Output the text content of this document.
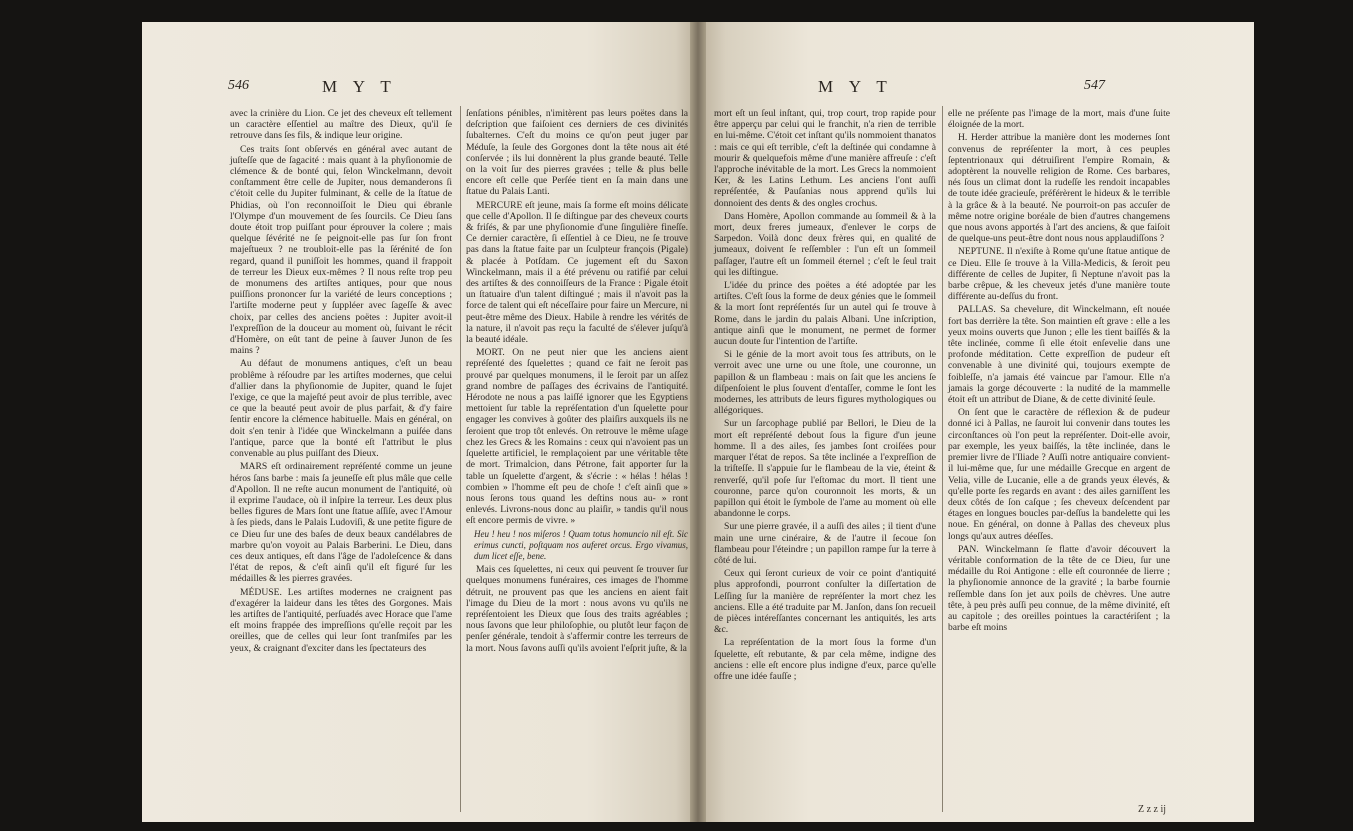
546	M Y T

avec la crinière du Lion. Ce jet des cheveux eſt tellement un caractère eſſentiel au maître des Dieux, qu'il ſe retrouve dans ſes fils, & indique leur origine.

Ces traits ſont obſervés en général avec autant de juſteſſe que de ſagacité : mais quant à la phyſionomie de clémence & de bonté qui, ſelon Winckelmann, devoit conſtamment être celle de Jupiter, nous demanderons ſi c'étoit celle du Jupiter fulminant, & celle de la ſtatue de Phidias, où l'on reconnoiſſoit le Dieu qui ébranle l'Olympe d'un mouvement de ſes ſourcils. Ce Dieu ſans doute étoit trop puiſſant pour éprouver la colere ; mais quelque ſévérité ne ſe peignoit-elle pas ſur ſon front majeſtueux ? ne troubloit-elle pas la ſérénité de ſon regard, quand il puniſſoit les hommes, quand il frappoit de terreur les Dieux eux-mêmes ? Il nous reſte trop peu de monumens des artiſtes antiques, pour que nous puiſſions prononcer ſur la variété de leurs conceptions ; l'artiſte moderne peut y ſuppléer avec ſageſſe & avec choix, par celles des anciens poëtes : Jupiter avoit-il l'expreſſion de la douceur au moment où, ſuivant le récit d'Homère, on eût tant de peine à ſauver Junon de ſes mains ?

Au défaut de monumens antiques, c'eſt un beau problême à réſoudre par les artiſtes modernes, que celui d'allier dans la phyſionomie de Jupiter, quand le ſujet l'exige, ce que la majeſté peut avoir de plus terrible, avec ce que la beauté peut avoir de plus parfait, & d'y faire ſentir encore la clémence habituelle. Mais en général, on doit s'en tenir à l'idée que Winckelmann a puiſée dans l'antique, parce que la bonté eſt l'attribut le plus convenable au plus puiſſant des Dieux.

MARS eſt ordinairement repréſenté comme un jeune héros ſans barbe : mais ſa jeuneſſe eſt plus mâle que celle d'Apollon. Il ne reſte aucun monument de l'antiquité, où il exprime l'audace, où il inſpire la terreur. Les deux plus belles figures de Mars ſont une ſtatue aſſiſe, avec l'Amour à ſes pieds, dans le Palais Ludoviſi, & une petite figure de ce Dieu ſur une des baſes de deux beaux candélabres de marbre qu'on voyoit au Palais Barberini. Le Dieu, dans ces deux antiques, eſt dans l'âge de l'adoleſcence & dans l'état de repos, & c'eſt ainſi qu'il eſt figuré ſur les médailles & les pierres gravées.

MÉDUSE. Les artiſtes modernes ne craignent pas d'exagérer la laideur dans les têtes des Gorgones. Mais les artiſtes de l'antiquité, perſuadés avec Horace que l'ame eſt moins frappée des impreſſions qu'elle reçoit par les oreilles, que de celles qui leur ſont tranſmiſes par les yeux, & craignant d'exciter dans les ſpectateurs des

ſenſations pénibles, n'imitèrent pas leurs poëtes dans la deſcription que faiſoient ces derniers de ces divinités ſubalternes. C'eſt du moins ce qu'on peut juger par Méduſe, la ſeule des Gorgones dont la tête nous ait été conſervée ; ils lui donnèrent la plus grande beauté. Telle on la voit ſur des pierres gravées ; telle & plus belle encore eſt celle que Perſée tient en ſa main dans une ſtatue du Palais Lanti.

MERCURE eſt jeune, mais ſa forme eſt moins délicate que celle d'Apollon. Il ſe diſtingue par des cheveux courts & friſés, & par une phyſionomie d'une ſingulière fineſſe. Ce dernier caractère, ſi eſſentiel à ce Dieu, ne ſe trouve pas dans la ſtatue faite par un ſculpteur françois (Pigale) & placée à Potſdam. Ce jugement eſt du Saxon Winckelmann, mais il a été prévenu ou ratifié par celui des artiſtes & des connoiſſeurs de la France : Pigale étoit un ſtatuaire d'un talent diſtingué ; mais il n'avoit pas la force de talent qui eſt néceſſaire pour faire un Mercure, ni peut-être même des Dieux. Habile à rendre les vérités de la nature, il n'avoit pas reçu la faculté de s'élever juſqu'à la beauté idéale.

MORT. On ne peut nier que les anciens aient repréſenté des ſquelettes ; quand ce fait ne ſeroit pas prouvé par quelques monumens, il le ſeroit par un aſſez grand nombre de paſſages des écrivains de l'antiquité. Hérodote ne nous a pas laiſſé ignorer que les Egyptiens mettoient ſur table la repréſentation d'un ſquelette pour engager les convives à goûter des plaiſirs auxquels ils ne ſeroient que trop tôt enlevés. On retrouve le même uſage chez les Grecs & les Romains : ceux qui n'avoient pas un ſquelette artificiel, le remplaçoient par une véritable tête de mort. Trimalcion, dans Pétrone, fait apporter ſur la table un ſquelette d'argent, & s'écrie : « hélas ! hélas ! combien » l'homme eſt peu de choſe ! c'eſt ainſi que » nous ſerons tous quand les deſtins nous au- » ront enlevés. Livrons-nous donc au plaiſir, » tandis qu'il nous eſt encore permis de vivre. »

Heu ! heu ! nos miſeros ! Quam totus homuncio nil eſt. Sic erimus cuncti, poſtquam nos auferet orcus. Ergo vivamus, dum licet eſſe, bene.

Mais ces ſquelettes, ni ceux qui peuvent ſe trouver ſur quelques monumens funéraires, ces images de l'homme détruit, ne prouvent pas que les anciens en aient fait l'image du Dieu de la mort : nous avons vu qu'ils ne repréſentoient les Dieux que ſous des traits agréables ; nous ſavons que leur philoſophie, ou plutôt leur façon de penſer générale, tendoit à s'affermir contre les terreurs de la mort. Nous ſavons auſſi qu'ils avoient l'eſprit juſte, & la

M Y T	547

mort eſt un ſeul inſtant, qui, trop court, trop rapide pour être apperçu par celui qui le franchit, n'a rien de terrible en lui-même. C'étoit cet inſtant qu'ils nommoient thanatos : mais ce qui eſt terrible, c'eſt la deſtinée qui condamne à mourir & quelquefois même d'une manière affreuſe : c'eſt l'approche inévitable de la mort. Les Grecs la nommoient Ker, & les Latins Lethum. Les anciens l'ont auſſi repréſentée, & Pauſanias nous apprend qu'ils lui donnoient des dents & des ongles crochus.

Dans Homère, Apollon commande au ſommeil & à la mort, deux freres jumeaux, d'enlever le corps de Sarpedon. Voilà donc deux frères qui, en qualité de jumeaux, doivent ſe reſſembler : l'un eſt un ſommeil paſſager, l'autre eſt un ſommeil éternel ; c'eſt le ſeul trait qui les diſtingue.

L'idée du prince des poëtes a été adoptée par les artiſtes. C'eſt ſous la forme de deux génies que le ſommeil & la mort ſont repréſentés ſur un autel qui ſe trouve à Rome, dans le jardin du palais Albani. Une inſcription, antique ainſi que le monument, ne permet de former aucun doute ſur l'intention de l'artiſte.

Si le génie de la mort avoit tous ſes attributs, on le verroit avec une urne ou une ſtole, une couronne, un papillon & un flambeau : mais on ſait que les anciens ſe diſpenſoient le plus ſouvent d'entaſſer, comme le ſont les modernes, les attributs de leurs figures mythologiques ou allégoriques.

Sur un ſarcophage publié par Bellori, le Dieu de la mort eſt repréſenté debout ſous la figure d'un jeune homme. Il a des ailes, ſes jambes ſont croiſées pour marquer l'état de repos. Sa tête inclinée a l'expreſſion de la triſteſſe. Il s'appuie ſur le flambeau de la vie, éteint & renverſé, qu'il poſe ſur l'eſtomac du mort. Il tient une couronne, parce qu'on couronnoit les morts, & un papillon qui étoit le ſymbole de l'ame au moment où elle abandonne le corps.

Sur une pierre gravée, il a auſſi des ailes ; il tient d'une main une urne cinéraire, & de l'autre il ſecoue ſon flambeau pour l'éteindre ; un papillon rampe ſur la terre à côté de lui.

Ceux qui ſeront curieux de voir ce point d'antiquité plus approfondi, pourront conſulter la diſſertation de Leſſing ſur la manière de repréſenter la mort chez les anciens. Elle a été traduite par M. Janſon, dans ſon recueil de pièces intéreſſantes concernant les antiquités, les arts &c.

La repréſentation de la mort ſous la forme d'un ſquelette, eſt rebutante, & par cela même, indigne des anciens : elle eſt encore plus indigne d'eux, parce qu'elle offre une idée fauſſe ;

elle ne préſente pas l'image de la mort, mais d'une ſuite éloignée de la mort.

H. Herder attribue la manière dont les modernes ſont convenus de repréſenter la mort, à ces peuples ſeptentrionaux qui détruiſirent l'empire Romain, & adoptèrent la nouvelle religion de Rome. Ces barbares, nés ſous un climat dont la rudeſſe les rendoit incapables de toute idée gracieuſe, préférèrent le hideux & le terrible à la grâce & à la beauté. Ne pourroit-on pas accuſer de même notre origine boréale de bien d'autres changemens que nous avons apportés à l'art des anciens, & que faiſoit de quelque-uns peut-être dont nous nous applaudiſſons ?

NEPTUNE. Il n'exiſte à Rome qu'une ſtatue antique de ce Dieu. Elle ſe trouve à la Villa-Medicis, & ſeroit peu différente de celles de Jupiter, ſi Neptune n'avoit pas la barbe crêpue, & les cheveux jetés d'une manière toute différente au-deſſus du front.

PALLAS. Sa chevelure, dit Winckelmann, eſt nouée fort bas derrière la tête. Son maintien eſt grave : elle a les yeux moins ouverts que Junon ; elle les tient baiſſés & la tête inclinée, comme ſi elle étoit enſevelie dans une profonde méditation. Cette expreſſion de pudeur eſt convenable à une divinité qui, toujours exempte de foibleſſe, n'a jamais été vaincue par l'amour. Elle n'a jamais la gorge découverte : la nudité de la mammelle étoit eſt un attribut de Diane, & de cette divinité ſeule.

On ſent que le caractère de réflexion & de pudeur donné ici à Pallas, ne ſauroit lui convenir dans toutes les circonſtances où l'on peut la repréſenter. Doit-elle avoir, par exemple, les yeux baiſſés, la tête inclinée, dans le premier livre de l'Iliade ? Auſſi notre antiquaire convient-il lui-même que, ſur une médaille Grecque en argent de Velia, ville de Lucanie, elle a de grands yeux élevés, & qu'elle porte ſes regards en avant : des ailes garniſſent les deux côtés de ſon caſque ; ſes cheveux deſcendent par étages en longues boucles par-deſſus la bandelette qui les noue. En général, on donne à Pallas des cheveux plus longs qu'aux autres déeſſes.

PAN. Winckelmann ſe flatte d'avoir découvert la véritable conformation de la tête de ce Dieu, ſur une médaille du Roi Antigone : elle eſt couronnée de lierre ; la phyſionomie annonce de la gravité ; la barbe fournie reſſemble dans ſon jet aux poils de chèvres. Une autre tête, à peu près auſſi peu connue, de la même divinité, eſt au capitole ; des oreilles pointues la caractériſent ; la barbe eſt moins

Z z z ij
